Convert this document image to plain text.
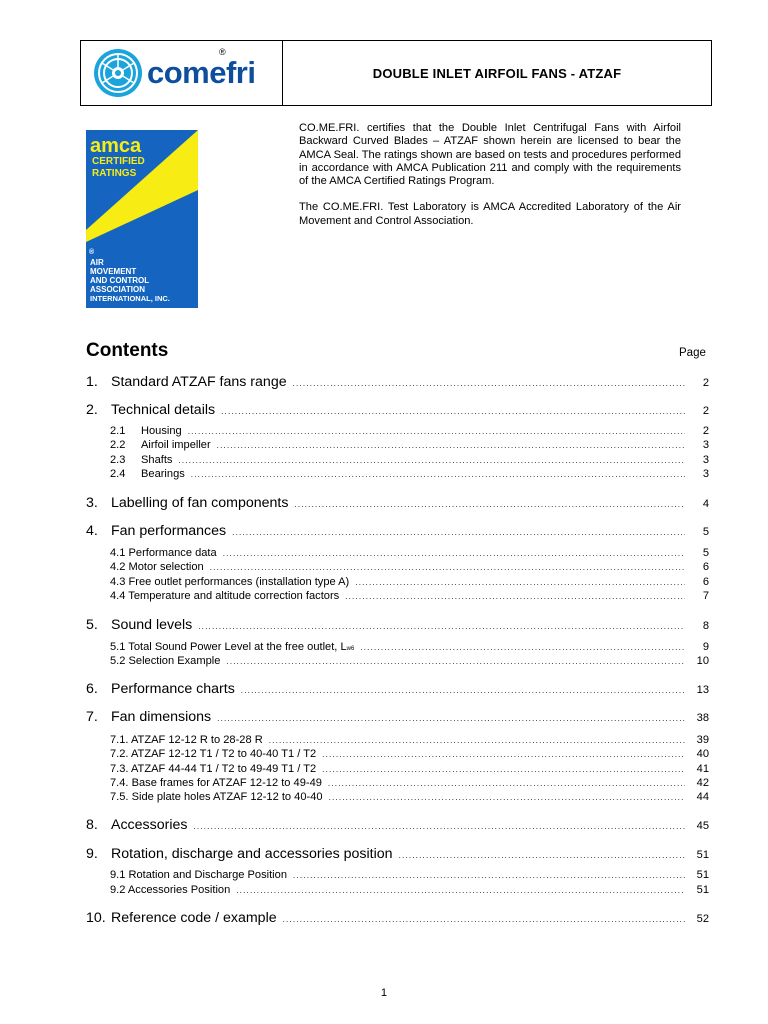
comefri
®
DOUBLE INLET AIRFOIL FANS - ATZAF
amca
CERTIFIED
RATINGS
AIR
PERFORMANCE
®
AIR
MOVEMENT
AND CONTROL
ASSOCIATION
INTERNATIONAL, INC.

CO.ME.FRI. certifies that the Double Inlet Centrifugal Fans with Airfoil Backward Curved Blades – ATZAF shown herein are licensed to bear the AMCA Seal. The ratings shown are based on tests and procedures performed in accordance with AMCA Publication 211 and comply with the requirements of the AMCA Certified Ratings Program.

The CO.ME.FRI. Test Laboratory is AMCA Accredited Laboratory of the Air Movement and Control Association.

Contents	Page
1. Standard ATZAF fans range .....	2
2. Technical details .....	2
2.1	Housing .....	2
2.2	Airfoil impeller .....	3
2.3	Shafts .....	3
2.4	Bearings .....	3
3. Labelling of fan components .....	4
4. Fan performances .....	5
4.1 Performance data .....	5
4.2 Motor selection .....	6
4.3 Free outlet performances (installation type A) .....	6
4.4 Temperature and altitude correction factors .....	7
5. Sound levels .....	8
5.1 Total Sound Power Level at the free outlet, L w6 .....	9
5.2 Selection Example .....	10
6. Performance charts .....	13
7. Fan dimensions .....	38
7.1. ATZAF 12-12 R to 28-28 R .....	39
7.2. ATZAF 12-12 T1 / T2 to 40-40 T1 / T2 .....	40
7.3. ATZAF 44-44 T1 / T2 to 49-49 T1 / T2 .....	41
7.4. Base frames for ATZAF 12-12 to 49-49 .....	42
7.5. Side plate holes ATZAF 12-12 to 40-40 .....	44
8. Accessories .....	45
9. Rotation, discharge and accessories position .....	51
9.1 Rotation and Discharge Position .....	51
9.2 Accessories Position .....	51
10. Reference code / example .....	52
1
